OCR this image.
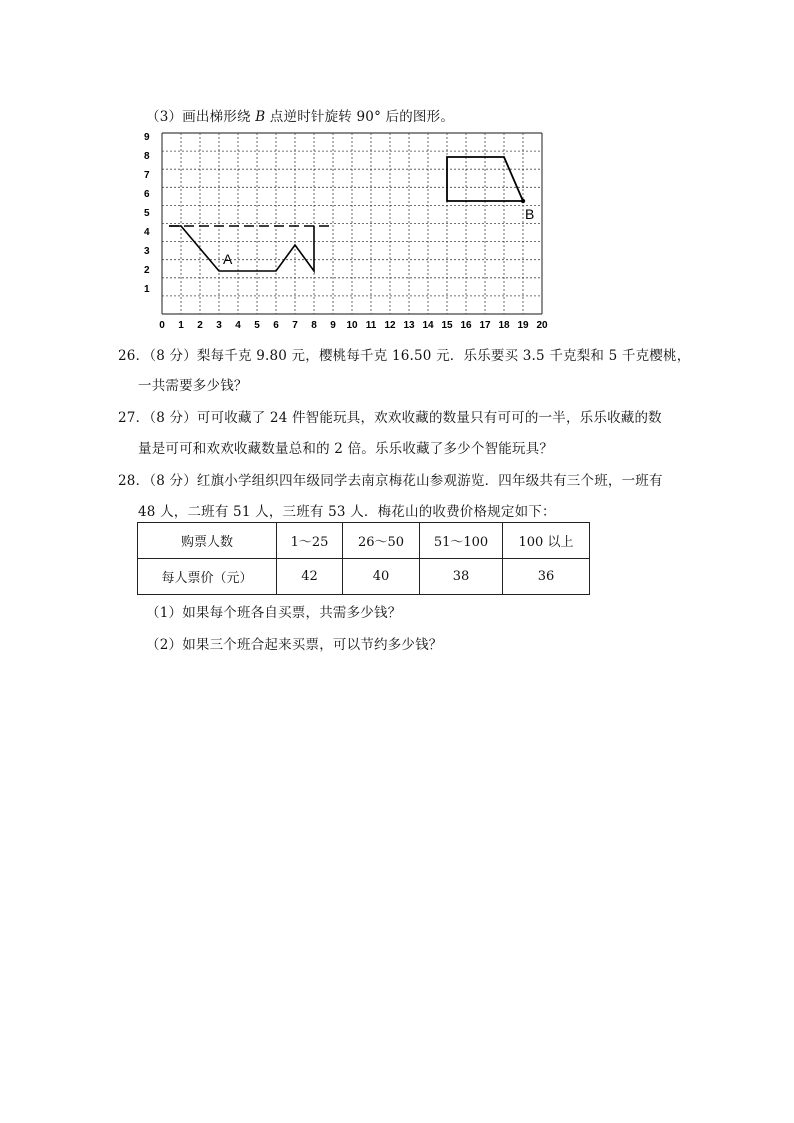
（3）画出梯形绕 B 点逆时针旋转 90° 后的图形。
0 1 2 3 4 5 6 7 8 9 10 11 12 13 14 15 16 17 18 19 20
1
2
3
4
5
6
7
8
9
A
B
26．（8 分）梨每千克 9.80 元，樱桃每千克 16.50 元．乐乐要买 3.5 千克梨和 5 千克樱桃，
一共需要多少钱？
27．（8 分）可可收藏了 24 件智能玩具，欢欢收藏的数量只有可可的一半，乐乐收藏的数
量是可可和欢欢收藏数量总和的 2 倍。乐乐收藏了多少个智能玩具？
28．（8 分）红旗小学组织四年级同学去南京梅花山参观游览．四年级共有三个班，一班有
48 人，二班有 51 人，三班有 53 人．梅花山的收费价格规定如下：
购票人数	1～25	26～50	51～100	100 以上
每人票价（元）	42	40	38	36
（1）如果每个班各自买票，共需多少钱？
（2）如果三个班合起来买票，可以节约多少钱？
